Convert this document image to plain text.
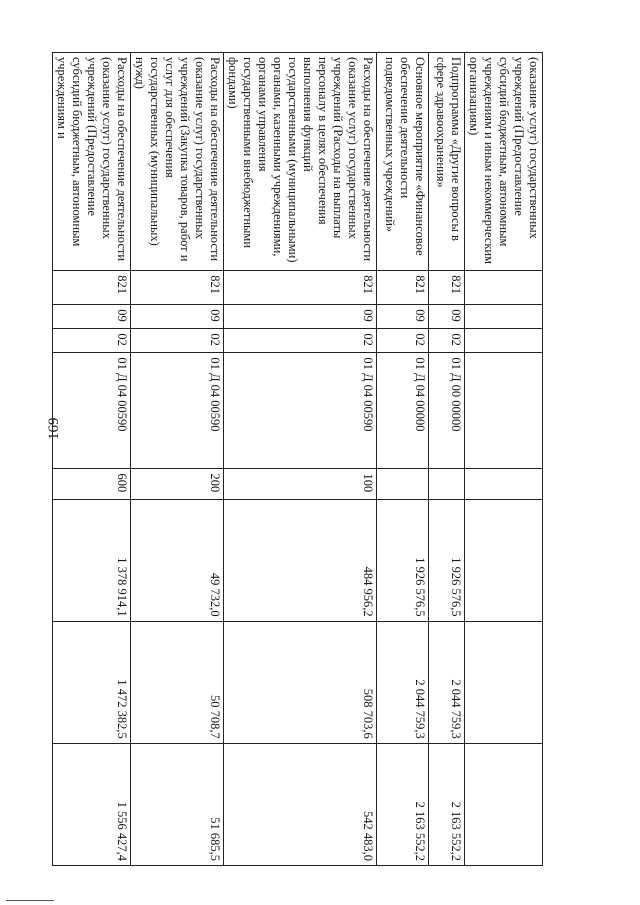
169
(оказание услуг) государственных учреждений (Предоставление субсидий бюджетным, автономным учреждениям и иным некоммерческим организациям)								
Подпрограмма «Другие вопросы в сфере здравоохранения»	821	09	02	01 Д 00 00000		1 926 576,5	2 044 759,3	2 163 552,2
Основное мероприятие «Финансовое обеспечение деятельности подведомственных учреждений»	821	09	02	01 Д 04 00000		1 926 576,5	2 044 759,3	2 163 552,2
Расходы на обеспечение деятельности (оказание услуг) государственных учреждений (Расходы на выплаты персоналу в целях обеспечения выполнения функций государственными (муниципальными) органами, казенными учреждениями, органами управления государственными внебюджетными фондами)	821	09	02	01 Д 04 00590	100	484 956,2	508 703,6	542 483,0
Расходы на обеспечение деятельности (оказание услуг) государственных учреждений (Закупка товаров, работ и услуг для обеспечения государственных (муниципальных) нужд)	821	09	02	01 Д 04 00590	200	49 732,0	50 708,7	51 685,5
Расходы на обеспечение деятельности (оказание услуг) государственных учреждений (Предоставление субсидий бюджетным, автономным учреждениям и	821	09	02	01 Д 04 00590	600	1 378 914,1	1 472 382,5	1 556 427,4
